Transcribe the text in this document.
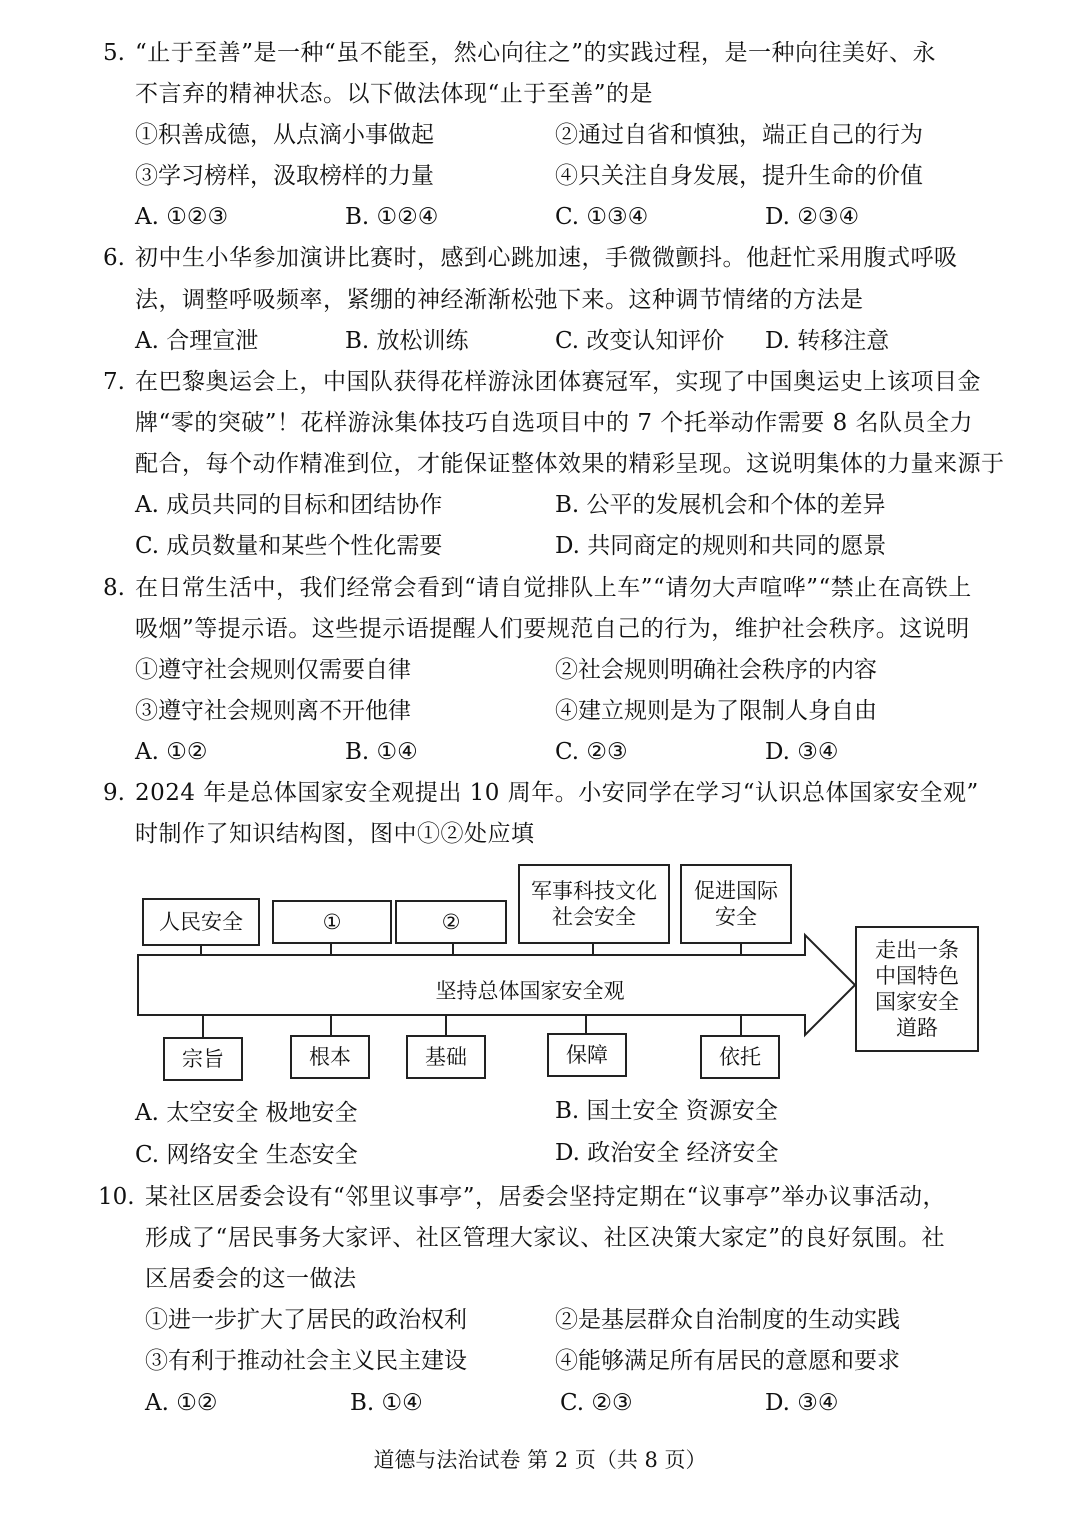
5. “止于至善”是一种“虽不能至，然心向往之”的实践过程，是一种向往美好、永
不言弃的精神状态。以下做法体现“止于至善”的是
①积善成德，从点滴小事做起	②通过自省和慎独，端正自己的行为
③学习榜样，汲取榜样的力量	④只关注自身发展，提升生命的价值
A. ①②③	B. ①②④	C. ①③④	D. ②③④
6. 初中生小华参加演讲比赛时，感到心跳加速，手微微颤抖。他赶忙采用腹式呼吸
法，调整呼吸频率，紧绷的神经渐渐松弛下来。这种调节情绪的方法是
A. 合理宣泄	B. 放松训练	C. 改变认知评价 D. 转移注意
7. 在巴黎奥运会上，中国队获得花样游泳团体赛冠军，实现了中国奥运史上该项目金
牌“零的突破”！花样游泳集体技巧自选项目中的 7 个托举动作需要 8 名队员全力
配合，每个动作精准到位，才能保证整体效果的精彩呈现。这说明集体的力量来源于
A. 成员共同的目标和团结协作	B. 公平的发展机会和个体的差异
C. 成员数量和某些个性化需要	D. 共同商定的规则和共同的愿景
8. 在日常生活中，我们经常会看到“请自觉排队上车”“请勿大声喧哗”“禁止在高铁上
吸烟”等提示语。这些提示语提醒人们要规范自己的行为，维护社会秩序。这说明
①遵守社会规则仅需要自律	②社会规则明确社会秩序的内容
③遵守社会规则离不开他律	④建立规则是为了限制人身自由
A. ①②	B. ①④	C. ②③	D. ③④
9. 2024 年是总体国家安全观提出 10 周年。小安同学在学习“认识总体国家安全观”
时制作了知识结构图，图中①②处应填
人民安全	①	②
军事科技文化
社会安全
促进国际
安全
坚持总体国家安全观
宗旨	根本	基础	保障	依托
走出一条
中国特色
国家安全
道路
A. 太空安全 极地安全	B. 国土安全 资源安全
C. 网络安全 生态安全	D. 政治安全 经济安全
10. 某社区居委会设有“邻里议事亭”，居委会坚持定期在“议事亭”举办议事活动，
形成了“居民事务大家评、社区管理大家议、社区决策大家定”的良好氛围。社
区居委会的这一做法
①进一步扩大了居民的政治权利	②是基层群众自治制度的生动实践
③有利于推动社会主义民主建设	④能够满足所有居民的意愿和要求
A. ①②	B. ①④	C. ②③	D. ③④
道德与法治试卷 第 2 页（共 8 页）
